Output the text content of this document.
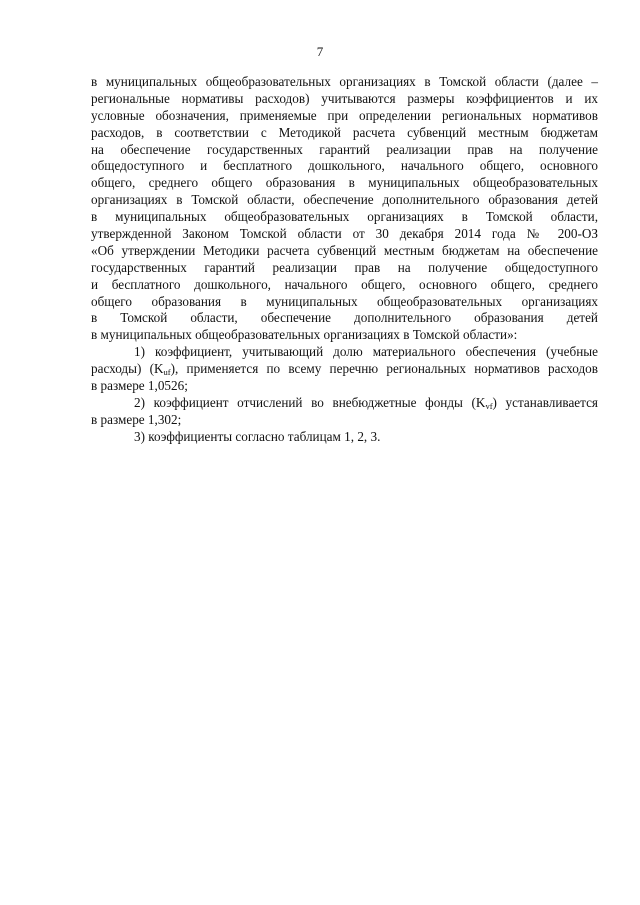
7
в муниципальных общеобразовательных организациях в Томской области (далее –
региональные нормативы расходов) учитываются размеры коэффициентов и их
условные обозначения, применяемые при определении региональных нормативов
расходов, в соответствии с Методикой расчета субвенций местным бюджетам
на обеспечение государственных гарантий реализации прав на получение
общедоступного и бесплатного дошкольного, начального общего, основного
общего, среднего общего образования в муниципальных общеобразовательных
организациях в Томской области, обеспечение дополнительного образования детей
в муниципальных общеобразовательных организациях в Томской области,
утвержденной Законом Томской области от 30 декабря 2014 года № 200-ОЗ
«Об утверждении Методики расчета субвенций местным бюджетам на обеспечение
государственных гарантий реализации прав на получение общедоступного
и бесплатного дошкольного, начального общего, основного общего, среднего
общего образования в муниципальных общеобразовательных организациях
в Томской области, обеспечение дополнительного образования детей
в муниципальных общеобразовательных организациях в Томской области»:
1) коэффициент, учитывающий долю материального обеспечения (учебные
расходы) $(K_{uf})$, применяется по всему перечню региональных нормативов расходов
в размере 1,0526;
2) коэффициент отчислений во внебюджетные фонды $(K_{vf})$ устанавливается
в размере 1,302;
3) коэффициенты согласно таблицам 1, 2, 3.
